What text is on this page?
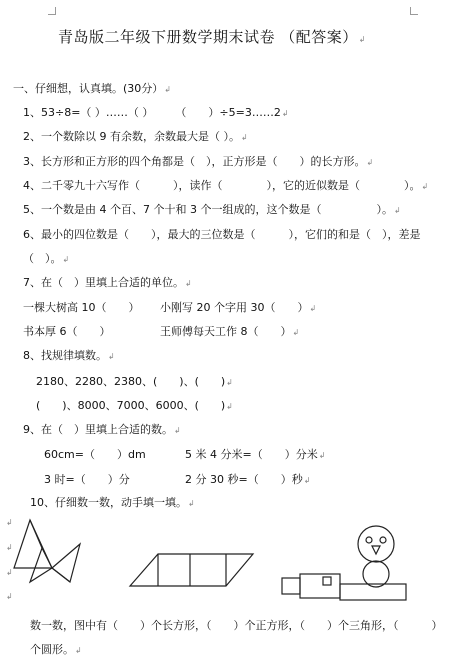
青岛版二年级下册数学期末试卷 （配答案）↲
一、仔细想，认真填。(30分）↲
1、53÷8=（ ）……（ ）　　　（　　）÷5=3……2↲
2、一个数除以 9 有余数，余数最大是（ ）。↲
3、长方形和正方形的四个角都是（　），正方形是（　　）的长方形。↲
4、二千零九十六写作（　　　），读作（　　　　），它的近似数是（　　　　）。↲
5、一个数是由 4 个百、7 个十和 3 个一组成的，这个数是（　　　　　）。↲
6、最小的四位数是（　　），最大的三位数是（　　　），它们的和是（　），差是
（　）。↲
7、在（　）里填上合适的单位。↲
一棵大树高 10（　　） 小刚写 20 个字用 30（　　）↲
书本厚 6（　　）	王师傅每天工作 8（　　）↲
8、找规律填数。↲
2180、2280、2380、(　　)、(　　)↲
(　　)、8000、7000、6000、(　　)↲
9、在（　）里填上合适的数。↲
60cm=（　　）dm	5 米 4 分米=（　　）分米↲
3 时=（　　）分	2 分 30 秒=（　　）秒↲
10、仔细数一数，动手填一填。↲
↲
↲
↲
↲
数一数，图中有（　　）个长方形，（　　）个正方形，（　　）个三角形，（　　　）
个圆形。↲
